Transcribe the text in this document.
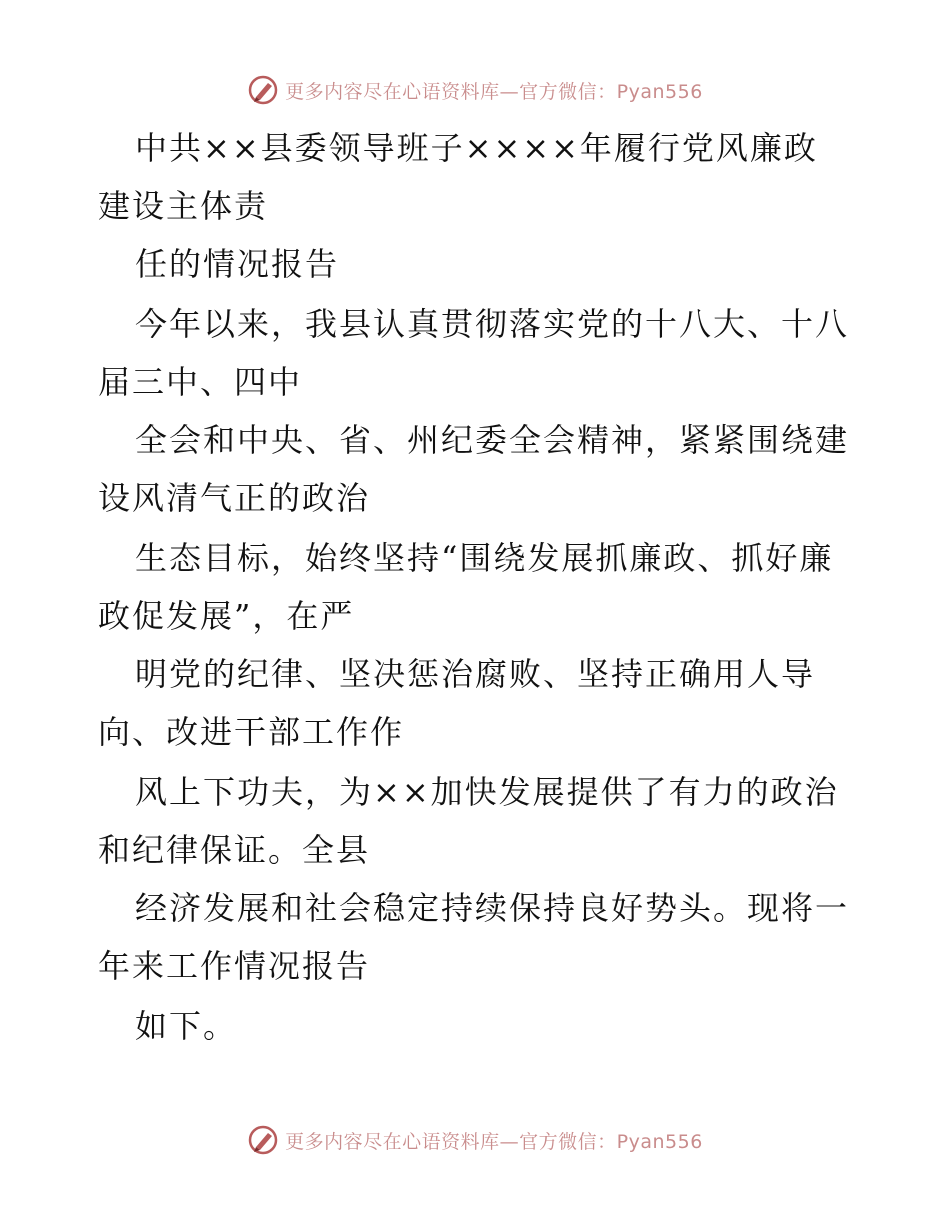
更多内容尽在心语资料库—官方微信：Pyan556
中共××县委领导班子××××年履行党风廉政
建设主体责
任的情况报告
今年以来，我县认真贯彻落实党的十八大、十八
届三中、四中
全会和中央、省、州纪委全会精神，紧紧围绕建
设风清气正的政治
生态目标，始终坚持“围绕发展抓廉政、抓好廉
政促发展”，在严
明党的纪律、坚决惩治腐败、坚持正确用人导
向、改进干部工作作
风上下功夫，为××加快发展提供了有力的政治
和纪律保证。全县
经济发展和社会稳定持续保持良好势头。现将一
年来工作情况报告
如下。
更多内容尽在心语资料库—官方微信：Pyan556
